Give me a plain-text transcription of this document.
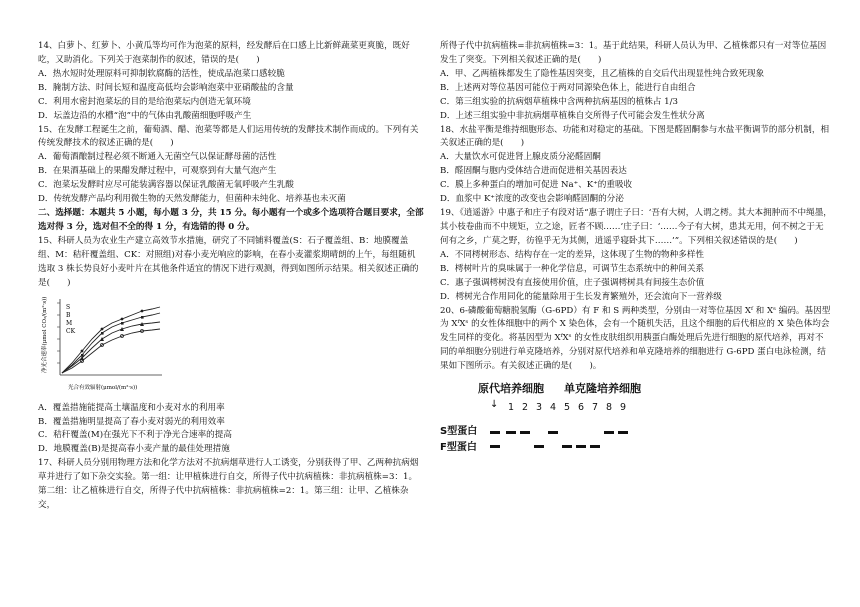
14、白萝卜、红萝卜、小黄瓜等均可作为泡菜的原料，经发酵后在口感上比新鲜蔬菜更爽脆，既好吃，又助消化。下列关于泡菜制作的叙述，错误的是(　　)

A．热水短时处理原料可抑制软腐酶的活性，使成品泡菜口感较脆

B．腌制方法、时间长短和温度高低均会影响泡菜中亚硝酸盐的含量

C．利用水密封泡菜坛的目的是给泡菜坛内创造无氧环境

D．坛盖边沿的水槽“泡”中的气体由乳酸菌细胞呼吸产生

15、在发酵工程诞生之前，葡萄酒、醋、泡菜等都是人们运用传统的发酵技术制作而成的。下列有关传统发酵技术的叙述正确的是(　　)

A．葡萄酒酿制过程必须不断通入无菌空气以保证酵母菌的活性

B．在果酒基础上的果醋发酵过程中，可观察到有大量气泡产生

C．泡菜坛发酵时应尽可能装满容器以保证乳酸菌无氧呼吸产生乳酸

D．传统发酵产品均利用微生物的天然发酵能力，但菌种未纯化、培养基也未灭菌

二、选择题：本题共 5 小题，每小题 3 分，共 15 分。每小题有一个或多个选项符合题目要求，全部选对得 3 分，选对但不全的得 1 分，有选错的得 0 分。

15、科研人员为农业生产建立高效节水措施，研究了不同铺料覆盖(S：石子覆盖组、B：地膜覆盖组、M：秸秆覆盖组、CK：对照组)对春小麦光响应的影响，在春小麦灌浆期晴朗的上午，每组随机选取 3 株长势良好小麦叶片在其他条件适宜的情况下进行观测，得到如图所示结果。相关叙述正确的是(　　)

S
B
M
CK
光合有效辐射(μmol/(m²·s))
净光合速率(μmol CO₂/(m²·s))

A．覆盖措施能提高土壤温度和小麦对水的利用率

B．覆盖措施明显提高了春小麦对弱光的利用效率

C．秸秆覆盖(M)在强光下不利于净光合速率的提高

D．地膜覆盖(B)是提高春小麦产量的最佳处理措施

17、科研人员分别用物理方法和化学方法对不抗病烟草进行人工诱变，分别获得了甲、乙两种抗病烟草并进行了如下杂交实验。第一组：让甲植株进行自交，所得子代中抗病植株：非抗病植株=3：1。第二组：让乙植株进行自交，所得子代中抗病植株：非抗病植株=2：1。第三组：让甲、乙植株杂交，

所得子代中抗病植株=非抗病植株=3：1。基于此结果，科研人员认为甲、乙植株都只有一对等位基因发生了突变。下列相关叙述正确的是(　　)

A．甲、乙两植株都发生了隐性基因突变，且乙植株的自交后代出现显性纯合致死现象

B．上述两对等位基因可能位于两对同源染色体上，能进行自由组合

C．第三组实验的抗病烟草植株中含两种抗病基因的植株占 1/3

D．上述三组实验中非抗病烟草植株自交所得子代可能会发生性状分离

18、水盐平衡是维持细胞形态、功能和对稳定的基础。下图是醛固酮参与水盐平衡调节的部分机制，相关叙述正确的是(　　)

A．大量饮水可促进肾上腺皮质分泌醛固酮

B．醛固酮与胞内受体结合进而促进相关基因表达

C．膜上多种蛋白的增加可促进 Na⁺、K⁺的重吸收

D．血浆中 K⁺浓度的改变也会影响醛固酮的分泌

19、《逍遥游》中惠子和庄子有段对话“惠子谓庄子曰：‘吾有大树，人谓之樗。其大本拥肿而不中绳墨，其小枝卷曲而不中规矩，立之途，匠者不顾……’庄子曰：‘……今子有大树，患其无用，何不树之于无何有之乡，广莫之野，彷徨乎无为其侧，逍遥乎寝卧其下……’”。下列相关叙述错误的是(　　)

A．不同樗树形态、结构存在一定的差异，这体现了生物的物种多样性

B．樗树叶片的臭味属于一种化学信息，可调节生态系统中的种间关系

C．惠子强调樗树没有直接使用价值，庄子强调樗树具有间接生态价值

D．樗树光合作用同化的能量除用于生长发育繁殖外，还会流向下一营养级

20、6-磷酸葡萄糖脱氢酶（G-6PD）有 F 和 S 两种类型，分别由一对等位基因 Xᶠ 和 Xˢ 编码。基因型为 XᶠXˢ 的女性体细胞中的两个 X 染色体，会有一个随机失活，且这个细胞的后代相应的 X 染色体均会发生同样的变化。将基因型为 XᶠXˢ 的女性皮肤组织用胰蛋白酶处理后先进行细胞的原代培养，再对不同的单细胞分别进行单克隆培养，分别对原代培养和单克隆培养的细胞进行 G-6PD 蛋白电泳检测，结果如下图所示。有关叙述正确的是(　　)。

原代培养细胞 单克隆培养细胞
↓ 1 2 3 4 5 6 7 8 9
S型蛋白
F型蛋白
